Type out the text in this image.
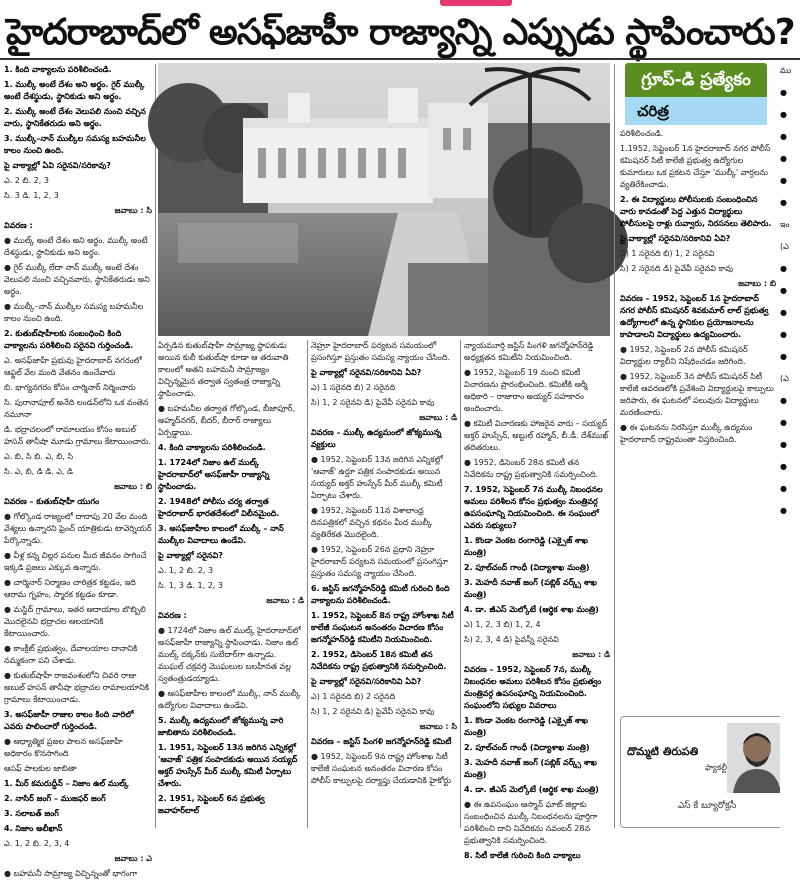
హైదరాబాద్‌లో అసఫ్‌జాహీ రాజ్యాన్ని ఎప్పుడు స్థాపించారు?

1. కింది వాక్యాలను పరిశీలించండి.

1. ముల్కీ అంటే దేశం అని అర్థం. గైర్‌ ముల్కీ అంటే దేశస్థుడు, స్థానికుడు అని అర్థం.

2. ముల్కీ అంటే దేశం వెలుపలి నుంచి వచ్చిన వారు, స్థానికేతరుడు అని అర్థం.

3. ముల్కీ–నాన్‌ ముల్కీల సమస్య బహమనీల కాలం నుంచి ఉంది.

పై వాక్యాల్లో ఏవి సరైనవి/సరికావు?

ఎ. 2 బి. 2, 3

సి. 3 డి. 1, 2, 3

జవాబు : సి

వివరణ :

● ముల్క్‌ అంటే దేశం అని అర్థం. ముల్కీ అంటే దేశస్థుడు, స్థానికుడు అని అర్థం.

● గైర్‌ ముల్కీ లేదా నాన్‌ ముల్కీ అంటే దేశం వెలుపలి నుంచి వచ్చినవారు, స్థానికేతరుడు అని అర్థం.

● ముల్కీ–నాన్‌ ముల్కీల సమస్య బహమనీల కాలం నుంచి ఉంది.

2. కుతుబ్‌షాహీలకు సంబంధించి కింది వాక్యాలను పరిశీలించి సరైనవి గుర్తించండి.

ఎ. అసఫ్‌జాహీ ప్రభువు హైదరాబాద్‌ నగరంలో ఆఫ్జల్‌ వేల మంది వేతనం ఉంచేవారు

బి. భాగ్యనగరం కోసం చార్మినార్‌ నిర్మించారు

సి. పురానాపూల్‌ అనేది లండన్‌లోని ఒక వంతెన నమూనా

డి. భద్రాచలంలో రామాలయం కోసం అబుల్‌ హసన్‌ తానీషా మూడు గ్రామాలు కేటాయించారు.

ఎ. బి, సి బి. ఎ, బి, సి

సి. ఎ, బి, డి డి. ఎ, డి

జవాబు : బి

వివరణ – కుతుబ్‌షాహీ యుగం

● గోల్కొండ రాజ్యంలో దాదాపు 20 వేల మంది వేశ్యలు ఉన్నారని ఫ్రెంచ్‌ యాత్రికుడు టావెర్నియర్‌ పేర్కొన్నాడు.

● వీళ్ల కన్న చిల్లర పనుల మీద జీవనం సాగించే ఇక్కడి ప్రజలు ఎక్కువ ఉన్నారు.

● చార్మినార్‌ నిర్మాణం చారిత్రక కట్టడం, ఇది ఆరామ గృహం, స్మారక కట్టడం కూడా.

● మస్జిద్‌ గ్రామాలు, ఇతర ఆదాయాల బొబ్బిలి మొదలైనవి భద్రాచల ఆలయానికి కేటాయించారు.

● కాంక్రీట్‌ ప్రభుత్వం, దేవాలయాల దానానికి నమ్మకంగా పని చేశాడు.

● కుతుబ్‌షాహీ రాజవంశంలోని చివరి రాజు అబుల్‌ హసన్‌ తానీషా భద్రాచల రామాలయానికి గ్రామాలు కేటాయించాడు.

3. అసఫ్‌జాహీ రాజుల కాలం కింది వారిలో ఎవరు పాలించారో గుర్తించండి.

● ఆధ్యాత్మిక ప్రజల పాలన అసఫ్‌జాహీ అధికారం కొనసాగింది

ఆసఫ్‌ పాలకుల జాబితా

1. మీర్‌ కమరుద్దీన్‌ – నిజాం ఉల్‌ ముల్క్‌

2. నాసిర్‌ జంగ్‌ – ముజఫర్‌ జంగ్‌

3. సలాబత్‌ జంగ్‌

4. నిజాం అలీఖాన్‌

ఎ. 1, 2 బి. 2, 3, 4

జవాబు : ఎ

● బహమనీ సామ్రాజ్య విచ్ఛిన్నంతో భాగంగా

ఏర్పడిన కుతుబ్‌షాహీ సామ్రాజ్య స్థాపకుడు అయిన కులీ కుతుబ్‌షా కూడా ఆ తరువాతి కాలంలో అతని బహమనీ సామ్రాజ్యం విచ్ఛిన్నమైన తర్వాత స్వతంత్ర రాజ్యాన్ని స్థాపించాడు.

● బహమనీల తర్వాత గోల్కొండ, బీజాపూర్‌, అహ్మద్‌నగర్‌, బీదర్‌, బీరార్‌ రాజ్యాలు ఏర్పడ్డాయి.

4. కింది వాక్యాలను పరిశీలించండి.

1. 1724లో నిజాం ఉల్‌ ముల్క్‌ హైదరాబాద్‌లో అసఫ్‌జాహీ రాజ్యాన్ని స్థాపించాడు.

2. 1948లో పోలీసు చర్య తర్వాత హైదరాబాద్‌ భారతదేశంలో విలీనమైంది.

3. అసఫ్‌జాహీల కాలంలో ముల్కీ – నాన్‌ ముల్కీల వివాదాలు ఉండేవి.

పై వాక్యాల్లో సరైనవి?

ఎ. 1, 2 బి. 2, 3

సి. 1, 3 డి. 1, 2, 3

జవాబు : డి

వివరణ :

● 1724లో నిజాం ఉల్‌ ముల్క్‌ హైదరాబాద్‌లో అసఫ్‌జాహీ రాజ్యాన్ని స్థాపించాడు. నిజాం ఉల్‌ ముల్క్‌ దక్కన్‌కు సుబేదార్‌గా ఉన్నాడు. ముఘల్‌ చక్రవర్తి మొఘలుల బలహీనత వల్ల స్వతంత్రుడయ్యాడు.

● ఆసఫ్‌జాహీల కాలంలో ముల్కీ, నాన్‌ ముల్కీ ఉద్యోగుల వివాదాలు ఉండేవి.

5. ముల్కీ ఉద్యమంలో జోక్యమున్న వారి జాబితాను పరిశీలించండి.

1. 1951, సెప్టెంబర్‌ 13న జరిగిన ఎన్నికల్లో 'ఆవాజ్‌' పత్రిక సంపాదకుడు అయిన సయ్యద్‌ అక్తర్‌ హుస్సేన్‌ మీర్‌ ముల్కీ కమిటీ ఏర్పాటు చేశారు.

2. 1951, సెప్టెంబర్‌ 6న ప్రభుత్వ జవాహర్‌లాల్‌

నెహ్రూ హైదరాబాద్‌ పర్యటన సమయంలో ప్రసంగిస్తూ ప్రస్తుతం సమస్య న్యాయం చేసింది.

పై వాక్యాల్లో సరైనవి/సరికానివి ఏవి?

ఎ) 1 సరైనది బి) 2 సరైనది

సి) 1, 2 సరైనవి డి) పైవేవీ సరైనవి కావు

జవాబు : డి

వివరణ – ముల్కీ ఉద్యమంలో జోక్యమున్న వ్యక్తులు

● 1952, సెప్టెంబర్‌ 13న జరిగిన ఎన్నికల్లో 'ఆవాజ్‌' ఉర్దూ పత్రిక సంపాదకుడు అయిన సయ్యద్‌ అక్తర్‌ హుస్సేన్‌ మీర్‌ ముల్కీ కమిటీ ఏర్పాటు చేశారు.

● 1952, సెప్టెంబర్‌ 11న విశాలాంధ్ర దినపత్రికలో వచ్చిన కథనం మీద ముల్కీ వ్యతిరేకత మొదలైంది.

● 1952, సెప్టెంబర్‌ 26న ప్రధాని నెహ్రూ హైదరాబాద్‌ పర్యటన సమయంలో ప్రసంగిస్తూ ప్రస్తుతం సమస్య న్యాయం చేసింది.

6. జస్టిస్‌ జగన్మోహన్‌రెడ్డి కమిటీ గురించి కింది వాక్యాలను పరిశీలించండి.

1. 1952, సెప్టెంబర్‌ 8న రాష్ట్ర హోంశాఖ సిటీ కాలేజీ సంఘటన అనంతరం విచారణ కోసం జగన్మోహన్‌రెడ్డి కమిటీని నియమించింది.

2. 1952, డిసెంబర్‌ 18న కమిటీ తన నివేదికను రాష్ట్ర ప్రభుత్వానికి సమర్పించింది.

పై వాక్యాల్లో సరైనవి/సరికానివి ఏవి?

ఎ) 1 సరైనది బి) 2 సరైనది

సి) 1, 2 సరైనవి డి) పైవేవీ సరైనవి కావు

జవాబు : సి

వివరణ – జస్టిస్‌ పింగళి జగన్మోహన్‌రెడ్డి కమిటీ

● 1952, సెప్టెంబర్‌ 9న రాష్ట్ర హోంశాఖ సిటీ కాలేజీ సంఘటన అనంతరం విచారణ కోసం పోలీస్‌ కాల్పులపై దర్యాప్తు చేయడానికి హైకోర్టు

న్యాయమూర్తి జస్టిస్‌ పింగళి జగన్మోహన్‌రెడ్డి అధ్యక్షతన కమిటీని నియమించింది.

● 1952, సెప్టెంబర్‌ 19 నుంచి కమిటీ విచారణను ప్రారంభించింది. కమిటీకి ఆర్మీ అధికారి – రాజారాం అయ్యర్‌ సహకారం అందించారు.

● కమిటీ విచారణకు హాజరైన వారు – సయ్యద్‌ అక్తర్‌ హుస్సేన్‌, అబ్దుల్‌ రహ్మాన్‌, బీ.డీ. దేశ్‌ముఖ్‌ తదితరులు.

● 1952, డిసెంబర్‌ 28న కమిటీ తన నివేదికను రాష్ట్ర ప్రభుత్వానికి సమర్పించింది.

7. 1952, సెప్టెంబర్‌ 7న ముల్కీ నిబంధనల అమలు పరిశీలన కోసం ప్రభుత్వం మంత్రివర్గ ఉపసంఘాన్ని నియమించింది. ఈ సంఘంలో ఎవరు సభ్యులు?

1. కొండా వెంకట రంగారెడ్డి (ఎక్సైజ్‌ శాఖ మంత్రి)

2. పూల్‌చంద్‌ గాంధీ (విద్యాశాఖ మంత్రి)

3. మెహదీ నవాజ్‌ జంగ్‌ (పబ్లిక్‌ వర్క్స్‌ శాఖ మంత్రి)

4. డా. జీఎస్‌ మెల్కోటే (ఆర్థిక శాఖ మంత్రి)

ఎ) 1, 2, 3 బి) 1, 2, 4

సి) 2, 3, 4 డి) పైవన్నీ సరైనవి

జవాబు : డి

వివరణ – 1952, సెప్టెంబర్‌ 7న, ముల్కీ నిబంధనల అమలు పరిశీలన కోసం ప్రభుత్వం మంత్రివర్గ ఉపసంఘాన్ని నియమించింది. సంఘంలోని సభ్యుల వివరాలు

1. కొండా వెంకట రంగారెడ్డి (ఎక్సైజ్‌ శాఖ మంత్రి)

2. పూల్‌చంద్‌ గాంధీ (విద్యాశాఖ మంత్రి)

3. మెహదీ నవాజ్‌ జంగ్‌ (పబ్లిక్‌ వర్క్స్‌ శాఖ మంత్రి)

4. డా. జీఎస్‌ మెల్కోటే (ఆర్థిక శాఖ మంత్రి)

● ఈ ఉపసంఘం ఆస్మాన్‌ ఘాట్‌ జిల్లాకు సంబంధించిన ముల్కీ నిబంధనలను పూర్తిగా పరిశీలించి దాని నివేదికను నవంబర్‌ 28న ప్రభుత్వానికి సమర్పించింది.

8. సిటీ కాలేజీ గురించి కింది వాక్యాలు

గ్రూప్‌-డి ప్రత్యేకం
చరిత్ర

పరిశీలించండి.

1.1952, సెప్టెంబర్‌ 1న హైదరాబాద్‌ నగర పోలీస్‌ కమిషనర్‌ సిటీ కాలేజీ ప్రభుత్వ ఉద్యోగుల కుమారులు ఒక ప్రకటన చేస్తూ 'ముల్కీ' వార్తలను వ్యతిరేకించాడు.

2. ఈ విద్యార్థులు పోలీసులకు సంబంధించిన వారు కావడంతో పెద్ద ఎత్తున విద్యార్థులు పోలీసులపై రాళ్లు రువ్వారు, నిరసనలు తెలిపారు.

పై వాక్యాల్లో సరైనవి/సరికానివి ఏవి?

ఎ) 1 సరైనది బి) 1, 2 సరైనవి

సి) 2 సరైనది డి) పైవేవీ సరైనవి కావు

జవాబు : బి

వివరణ – 1952, సెప్టెంబర్‌ 1న హైదరాబాద్‌ నగర పోలీస్‌ కమిషనర్‌ శివకుమార్‌ లాల్‌ ప్రభుత్వ ఉద్యోగాలలో ఉన్న స్థానికుల ప్రయోజనాలను కాపాడాలని విద్యార్థులు ఉద్యమించారు.

● 1952, సెప్టెంబర్‌ 2న పోలీస్‌ కమిషనర్‌ విద్యార్థుల ర్యాలీని నిషేధించడం జరిగింది.

● 1952, సెప్టెంబర్‌ 3న పోలీస్‌ కమిషనర్‌ సిటీ కాలేజీ ఆవరణలోకి ప్రవేశించి విద్యార్థులపై కాల్పులు జరిపారు, ఈ ఘటనలో పలువురు విద్యార్థులు మరణించారు.

● ఈ ఘటనను నిరసిస్తూ ముల్కీ ఉద్యమం హైదరాబాద్‌ రాష్ట్రమంతా విస్తరించింది.

దొమ్మటి తిరుపతి
ఫ్యాకల్టీ
ఎస్‌ కే బ్యూరోక్రసీ
ము
●
●
●
●
●
●
ఇం
(ఎ
●
●
●
●
●
(ఎ
●
●
●
●
●
●
